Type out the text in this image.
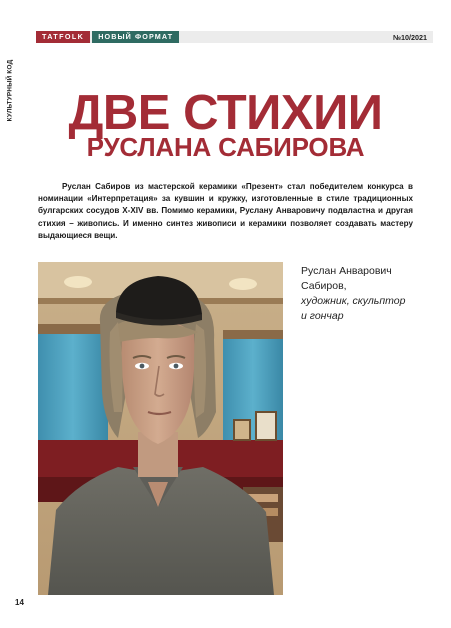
КУЛЬТУРНЫЙ КОД
TATFOLK	НОВЫЙ ФОРМАТ	№10/2021
ДВЕ СТИХИИ
РУСЛАНА САБИРОВА

Руслан Сабиров из мастерской керамики «Презент» стал победителем конкурса в номинации «Интерпретация» за кувшин и кружку, изготовленные в стиле традиционных булгарских сосудов X-XIV вв. Помимо керамики, Руслану Анваровичу подвластна и другая стихия – живопись. И именно синтез живописи и керамики позволяет создавать мастеру выдающиеся вещи.

Руслан Анварович
Сабиров,
художник, скульптор
и гончар
14
